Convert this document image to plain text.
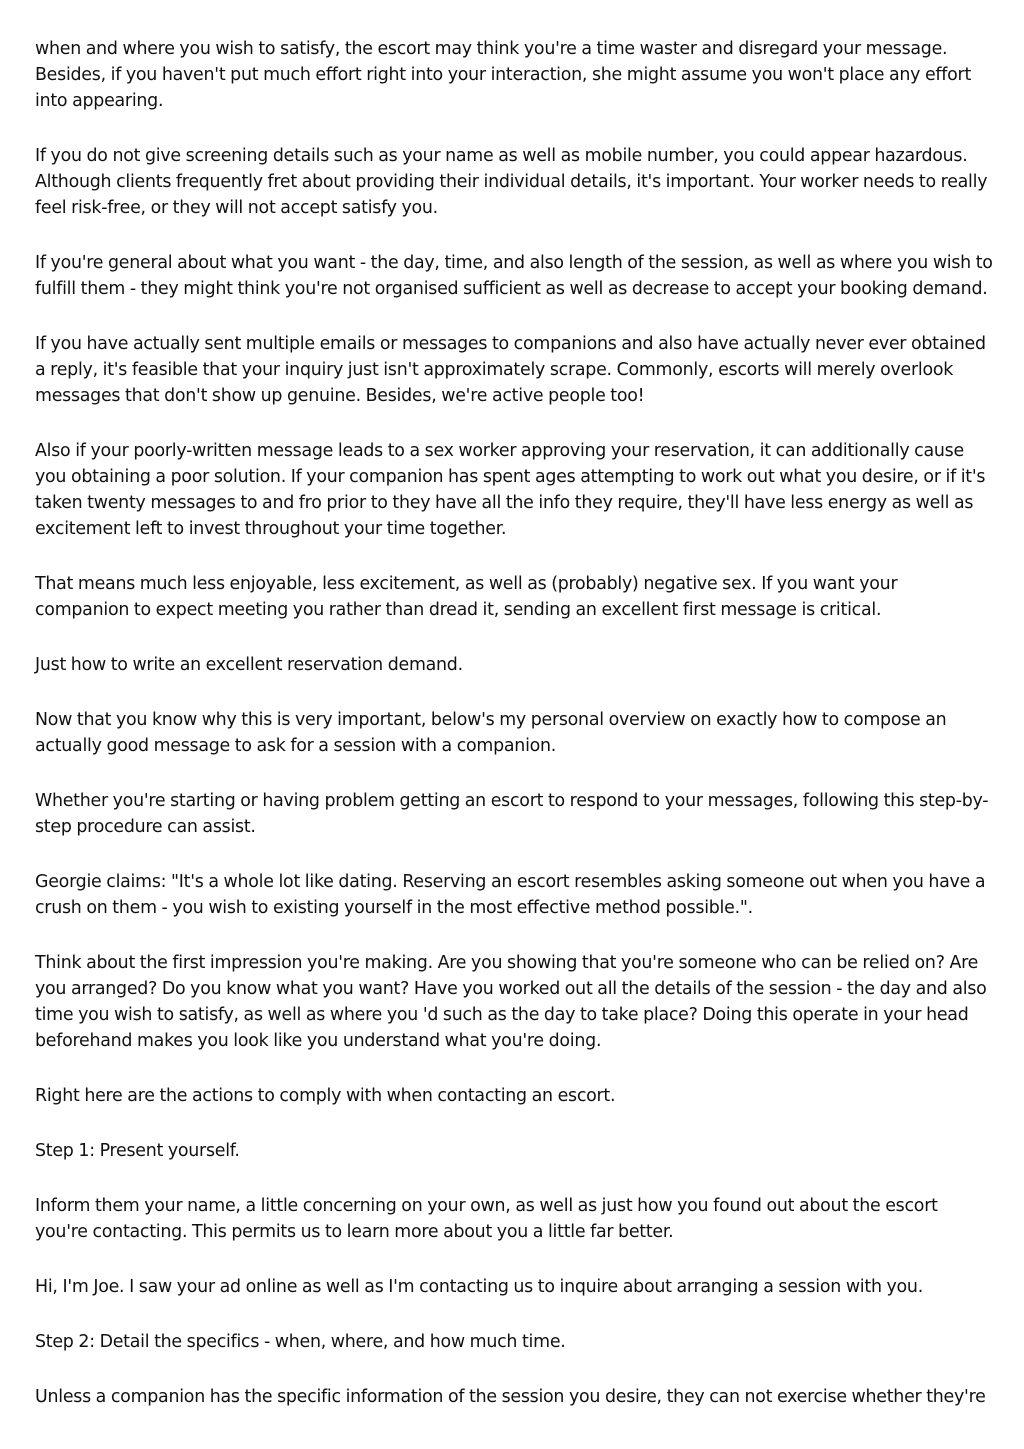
when and where you wish to satisfy, the escort may think you're a time waster and disregard your message. Besides, if you haven't put much effort right into your interaction, she might assume you won't place any effort into appearing.

If you do not give screening details such as your name as well as mobile number, you could appear hazardous. Although clients frequently fret about providing their individual details, it's important. Your worker needs to really feel risk-free, or they will not accept satisfy you.

If you're general about what you want - the day, time, and also length of the session, as well as where you wish to fulfill them - they might think you're not organised sufficient as well as decrease to accept your booking demand.

If you have actually sent multiple emails or messages to companions and also have actually never ever obtained a reply, it's feasible that your inquiry just isn't approximately scrape. Commonly, escorts will merely overlook messages that don't show up genuine. Besides, we're active people too!

Also if your poorly-written message leads to a sex worker approving your reservation, it can additionally cause you obtaining a poor solution. If your companion has spent ages attempting to work out what you desire, or if it's taken twenty messages to and fro prior to they have all the info they require, they'll have less energy as well as excitement left to invest throughout your time together.

That means much less enjoyable, less excitement, as well as (probably) negative sex. If you want your companion to expect meeting you rather than dread it, sending an excellent first message is critical.

Just how to write an excellent reservation demand.

Now that you know why this is very important, below's my personal overview on exactly how to compose an actually good message to ask for a session with a companion.

Whether you're starting or having problem getting an escort to respond to your messages, following this step-by-step procedure can assist.

Georgie claims: "It's a whole lot like dating. Reserving an escort resembles asking someone out when you have a crush on them - you wish to existing yourself in the most effective method possible.".

Think about the first impression you're making. Are you showing that you're someone who can be relied on? Are you arranged? Do you know what you want? Have you worked out all the details of the session - the day and also time you wish to satisfy, as well as where you 'd such as the day to take place? Doing this operate in your head beforehand makes you look like you understand what you're doing.

Right here are the actions to comply with when contacting an escort.

Step 1: Present yourself.

Inform them your name, a little concerning on your own, as well as just how you found out about the escort you're contacting. This permits us to learn more about you a little far better.

Hi, I'm Joe. I saw your ad online as well as I'm contacting us to inquire about arranging a session with you.

Step 2: Detail the specifics - when, where, and how much time.

Unless a companion has the specific information of the session you desire, they can not exercise whether they're
